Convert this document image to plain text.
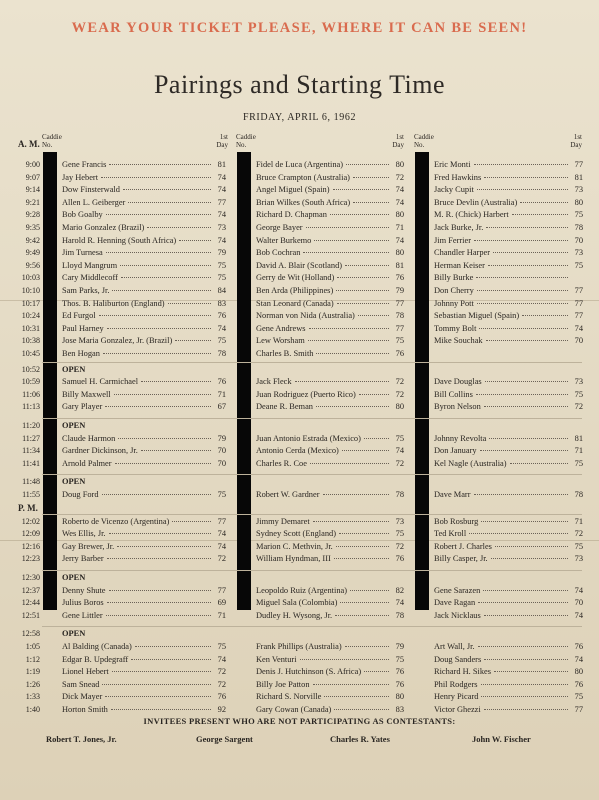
WEAR YOUR TICKET PLEASE, WHERE IT CAN BE SEEN!
Pairings and Starting Time
FRIDAY, APRIL 6, 1962
A. M.
Caddie
No.
1st
Day
Caddie
No.
1st
Day
Caddie
No.
1st
Day
9:00	Gene Francis	81	Fidel de Luca (Argentina)	80	Eric Monti	77
9:07	Jay Hebert	74	Bruce Crampton (Australia)	72	Fred Hawkins	81
9:14	Dow Finsterwald	74	Angel Miguel (Spain)	74	Jacky Cupit	73
9:21	Allen L. Geiberger	77	Brian Wilkes (South Africa)	74	Bruce Devlin (Australia)	80
9:28	Bob Goalby	74	Richard D. Chapman	80	M. R. (Chick) Harbert	75
9:35	Mario Gonzalez (Brazil)	73	George Bayer	71	Jack Burke, Jr.	78
9:42	Harold R. Henning (South Africa)	74	Walter Burkemo	74	Jim Ferrier	70
9:49	Jim Turnesa	79	Bob Cochran	80	Chandler Harper	73
9:56	Lloyd Mangrum	75	David A. Blair (Scotland)	81	Herman Keiser	75
10:03	Cary Middlecoff	75	Gerry de Wit (Holland)	76	Billy Burke
10:10	Sam Parks, Jr.	84	Ben Arda (Philippines)	79	Don Cherry	77
10:17	Thos. B. Haliburton (England)	83	Stan Leonard (Canada)	77	Johnny Pott	77
10:24	Ed Furgol	76	Norman von Nida (Australia)	78	Sebastian Miguel (Spain)	77
10:31	Paul Harney	74	Gene Andrews	77	Tommy Bolt	74
10:38	Jose Maria Gonzalez, Jr. (Brazil)	75	Lew Worsham	75	Mike Souchak	70
10:45	Ben Hogan	78	Charles B. Smith	76
10:52	OPEN
10:59	Samuel H. Carmichael	76	Jack Fleck	72	Dave Douglas	73
11:06	Billy Maxwell	71	Juan Rodriguez (Puerto Rico)	72	Bill Collins	75
11:13	Gary Player	67	Deane R. Beman	80	Byron Nelson	72
11:20	OPEN
11:27	Claude Harmon	79	Juan Antonio Estrada (Mexico)	75	Johnny Revolta	81
11:34	Gardner Dickinson, Jr.	70	Antonio Cerda (Mexico)	74	Don January	71
11:41	Arnold Palmer	70	Charles R. Coe	72	Kel Nagle (Australia)	75
11:48	OPEN
11:55	Doug Ford	75	Robert W. Gardner	78	Dave Marr	78
12:02	Roberto de Vicenzo (Argentina)	77	Jimmy Demaret	73	Bob Rosburg	71
12:09	Wes Ellis, Jr.	74	Sydney Scott (England)	75	Ted Kroll	72
12:16	Gay Brewer, Jr.	74	Marion C. Methvin, Jr.	72	Robert J. Charles	75
12:23	Jerry Barber	72	William Hyndman, III	76	Billy Casper, Jr.	73
12:30	OPEN
12:37	Denny Shute	77	Leopoldo Ruiz (Argentina)	82	Gene Sarazen	74
12:44	Julius Boros	69	Miguel Sala (Colombia)	74	Dave Ragan	70
12:51	Gene Littler	71	Dudley H. Wysong, Jr.	78	Jack Nicklaus	74
12:58	OPEN
1:05	Al Balding (Canada)	75	Frank Phillips (Australia)	79	Art Wall, Jr.	76
1:12	Edgar B. Updegraff	74	Ken Venturi	75	Doug Sanders	74
1:19	Lionel Hebert	72	Denis J. Hutchinson (S. Africa)	76	Richard H. Sikes	80
1:26	Sam Snead	72	Billy Joe Patton	76	Phil Rodgers	76
1:33	Dick Mayer	76	Richard S. Norville	80	Henry Picard	75
1:40	Horton Smith	92	Gary Cowan (Canada)	83	Victor Ghezzi	77
P. M.
INVITEES PRESENT WHO ARE NOT PARTICIPATING AS CONTESTANTS:
Robert T. Jones, Jr.	George Sargent	Charles R. Yates	John W. Fischer
